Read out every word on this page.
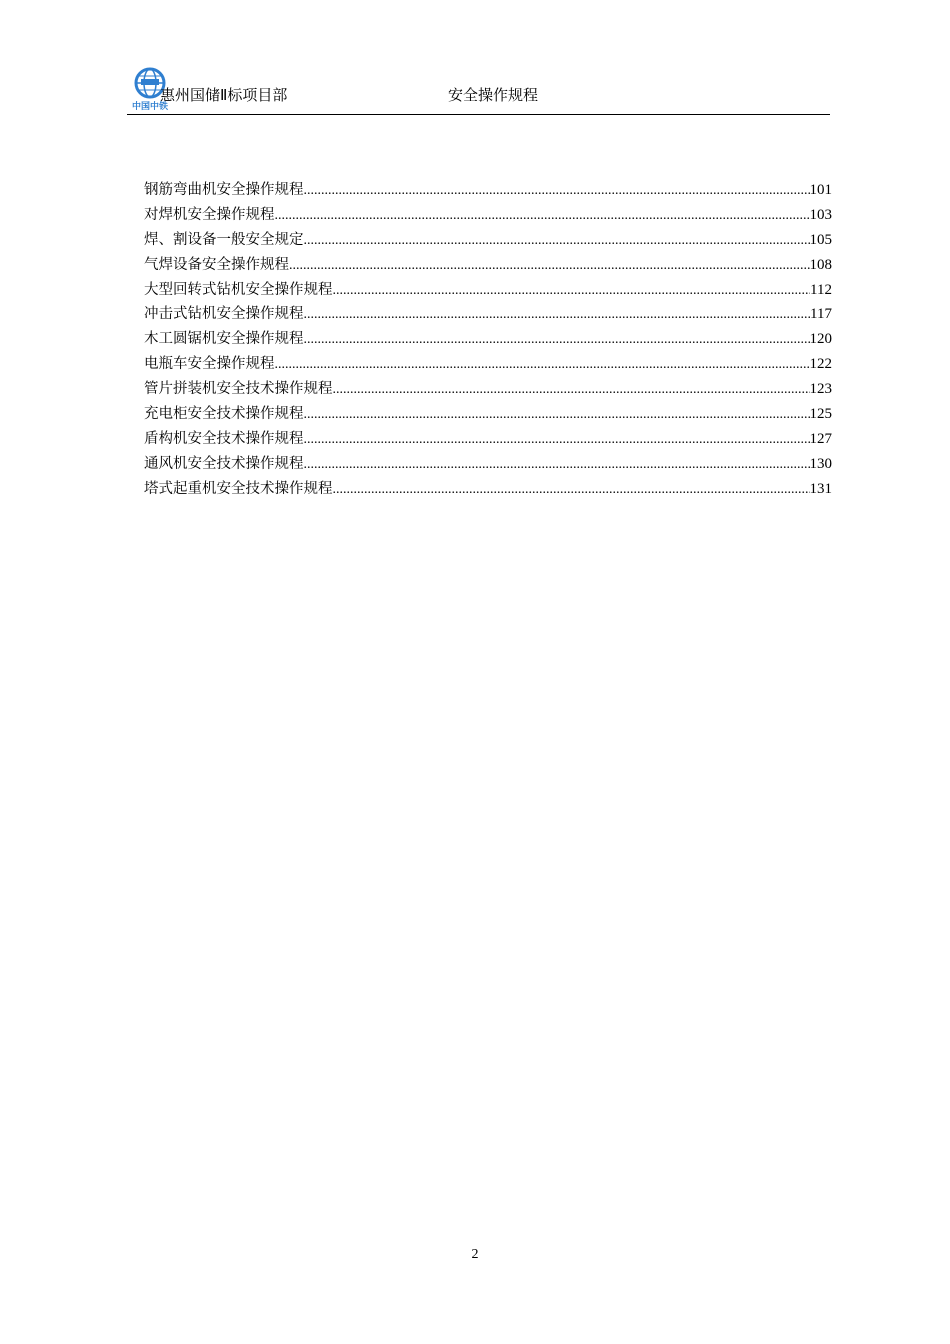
中国中铁
惠州国储Ⅱ标项目部	安全操作规程
钢筋弯曲机安全操作规程 .....	101
对焊机安全操作规程 .....	103
焊、割设备一般安全规定 .....	105
气焊设备安全操作规程 .....	108
大型回转式钻机安全操作规程 .....	112
冲击式钻机安全操作规程 .....	117
木工圆锯机安全操作规程 .....	120
电瓶车安全操作规程 .....	122
管片拼装机安全技术操作规程 .....	123
充电柜安全技术操作规程 .....	125
盾构机安全技术操作规程 .....	127
通风机安全技术操作规程 .....	130
塔式起重机安全技术操作规程 .....	131
2
